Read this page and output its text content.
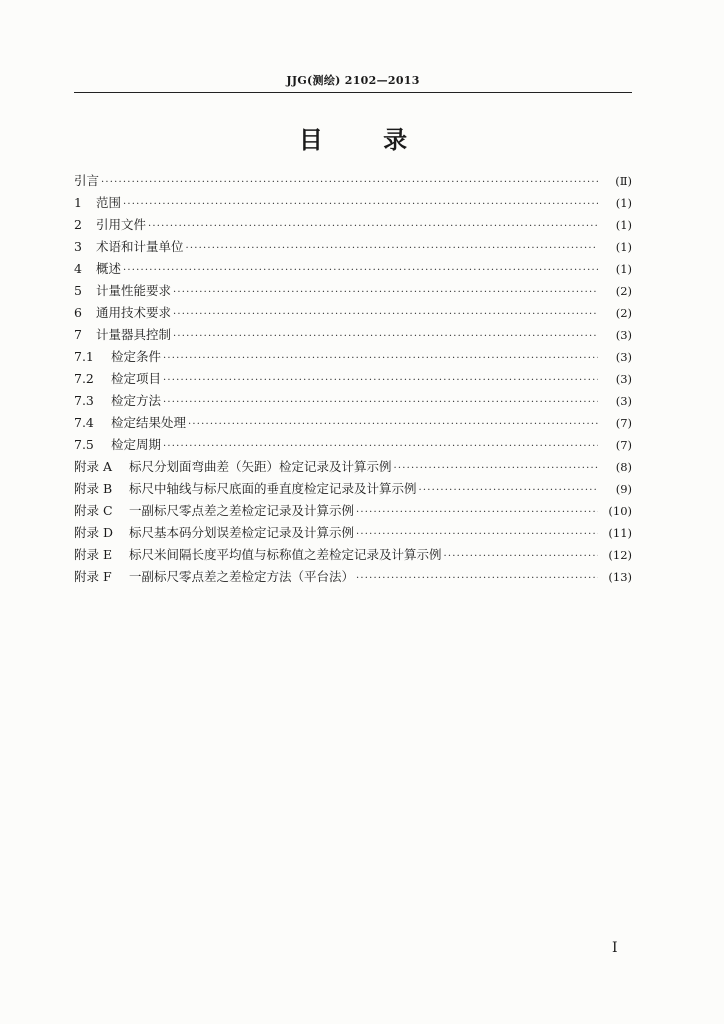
JJG(测绘) 2102—2013
目 录
引言 ·····	(Ⅱ)
1	范围 ·····	(1)
2	引用文件 ·····	(1)
3	术语和计量单位 ·····	(1)
4	概述 ·····	(1)
5	计量性能要求 ·····	(2)
6	通用技术要求 ·····	(2)
7	计量器具控制 ·····	(3)
7.1	检定条件 ·····	(3)
7.2	检定项目 ·····	(3)
7.3	检定方法 ·····	(3)
7.4	检定结果处理 ·····	(7)
7.5	检定周期 ·····	(7)
附录 A	标尺分划面弯曲差（矢距）检定记录及计算示例 ·····	(8)
附录 B	标尺中轴线与标尺底面的垂直度检定记录及计算示例 ·····	(9)
附录 C	一副标尺零点差之差检定记录及计算示例 ·····	(10)
附录 D	标尺基本码分划误差检定记录及计算示例 ·····	(11)
附录 E	标尺米间隔长度平均值与标称值之差检定记录及计算示例 ·····	(12)
附录 F	一副标尺零点差之差检定方法（平台法） ·····	(13)
I
